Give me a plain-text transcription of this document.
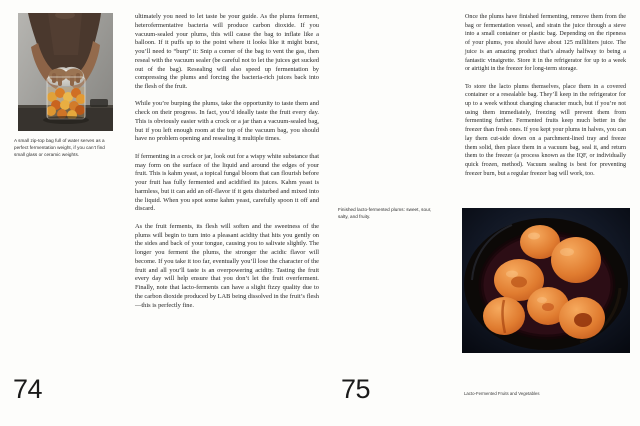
A small zip-top bag full of water serves as a perfect fermentation weight, if you can’t find small glass or ceramic weights.

ultimately you need to let taste be your guide. As the plums ferment, heterofermentative bacteria will produce carbon dioxide. If you vacuum-sealed your plums, this will cause the bag to inflate like a balloon. If it puffs up to the point where it looks like it might burst, you’ll need to “burp” it: Snip a corner of the bag to vent the gas, then reseal with the vacuum sealer (be careful not to let the juices get sucked out of the bag). Resealing will also speed up fermentation by compressing the plums and forcing the bacteria-rich juices back into the flesh of the fruit.

While you’re burping the plums, take the opportunity to taste them and check on their progress. In fact, you’d ideally taste the fruit every day. This is obviously easier with a crock or a jar than a vacuum-sealed bag, but if you left enough room at the top of the vacuum bag, you should have no problem opening and resealing it multiple times.

If fermenting in a crock or jar, look out for a wispy white substance that may form on the surface of the liquid and around the edges of your fruit. This is kahm yeast, a topical fungal bloom that can flourish before your fruit has fully fermented and acidified its juices. Kahm yeast is harmless, but it can add an off-flavor if it gets disturbed and mixed into the liquid. When you spot some kahm yeast, carefully spoon it off and discard.

As the fruit ferments, its flesh will soften and the sweetness of the plums will begin to turn into a pleasant acidity that hits you gently on the sides and back of your tongue, causing you to salivate slightly. The longer you ferment the plums, the stronger the acidic flavor will become. If you take it too far, eventually you’ll lose the character of the fruit and all you’ll taste is an overpowering acidity. Tasting the fruit every day will help ensure that you don’t let the fruit overferment. Finally, note that lacto-ferments can have a slight fizzy quality due to the carbon dioxide produced by LAB being dissolved in the fruit’s flesh—this is perfectly fine.

74

Once the plums have finished fermenting, remove them from the bag or fermentation vessel, and strain the juice through a sieve into a small container or plastic bag. Depending on the ripeness of your plums, you should have about 125 milliliters juice. The juice is an amazing product that’s already halfway to being a fantastic vinaigrette. Store it in the refrigerator for up to a week or airtight in the freezer for long-term storage.

To store the lacto plums themselves, place them in a covered container or a resealable bag. They’ll keep in the refrigerator for up to a week without changing character much, but if you’re not using them immediately, freezing will prevent them from fermenting further. Fermented fruits keep much better in the freezer than fresh ones. If you kept your plums in halves, you can lay them cut-side down on a parchment-lined tray and freeze them solid, then place them in a vacuum bag, seal it, and return them to the freezer (a process known as the IQF, or individually quick frozen, method). Vacuum sealing is best for preventing freezer burn, but a regular freezer bag will work, too.

Finished lacto-fermented plums: sweet, sour, salty, and fruity.

75	Lacto-Fermented Fruits and Vegetables
